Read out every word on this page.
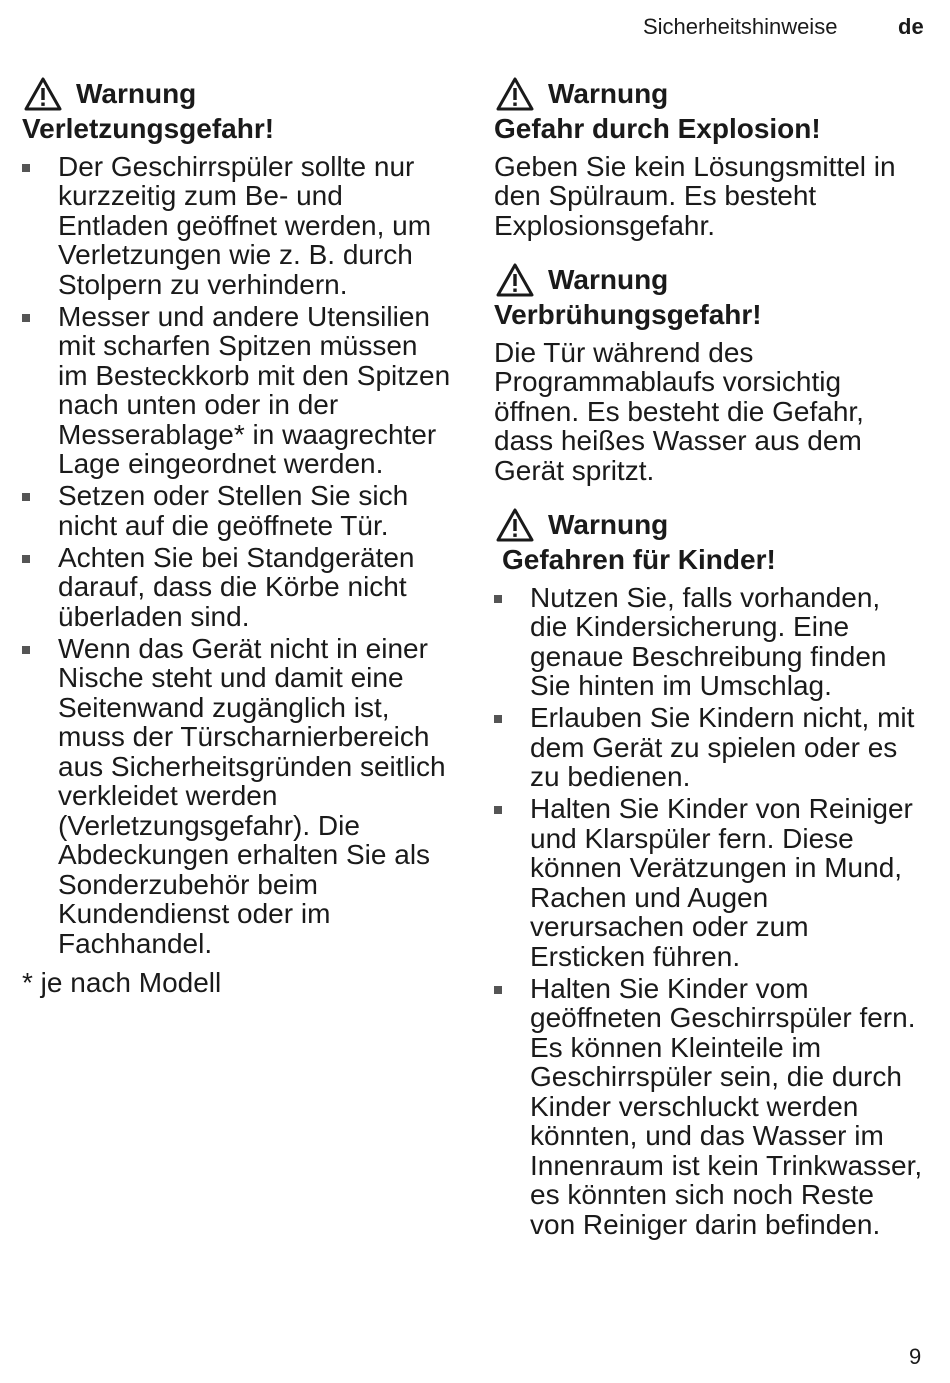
Sicherheitshinweise	de
Warnung
Verletzungsgefahr!
Der Geschirrspüler sollte nur kurzzeitig zum Be- und Entladen geöffnet werden, um Verletzungen wie z. B. durch Stolpern zu verhindern.
Messer und andere Utensilien mit scharfen Spitzen müssen im Besteckkorb mit den Spitzen nach unten oder in der Messerablage* in waagrechter Lage eingeordnet werden.
Setzen oder Stellen Sie sich nicht auf die geöffnete Tür.
Achten Sie bei Standgeräten darauf, dass die Körbe nicht überladen sind.
Wenn das Gerät nicht in einer Nische steht und damit eine Seitenwand zugänglich ist, muss der Türscharnierbereich aus Sicherheitsgründen seitlich verkleidet werden (Verletzungsgefahr). Die Abdeckungen erhalten Sie als Sonderzubehör beim Kundendienst oder im Fachhandel.
* je nach Modell
Warnung
Gefahr durch Explosion!

Geben Sie kein Lösungsmittel in den Spülraum. Es besteht Explosionsgefahr.

Warnung
Verbrühungsgefahr!

Die Tür während des Programmablaufs vorsichtig öffnen. Es besteht die Gefahr, dass heißes Wasser aus dem Gerät spritzt.

Warnung
Gefahren für Kinder!
Nutzen Sie, falls vorhanden, die Kindersicherung. Eine genaue Beschreibung finden Sie hinten im Umschlag.
Erlauben Sie Kindern nicht, mit dem Gerät zu spielen oder es zu bedienen.
Halten Sie Kinder von Reiniger und Klarspüler fern. Diese können Verätzungen in Mund, Rachen und Augen verursachen oder zum Ersticken führen.
Halten Sie Kinder vom geöffneten Geschirrspüler fern. Es können Kleinteile im Geschirrspüler sein, die durch Kinder verschluckt werden könnten, und das Wasser im Innenraum ist kein Trinkwasser, es könnten sich noch Reste von Reiniger darin befinden.
9
